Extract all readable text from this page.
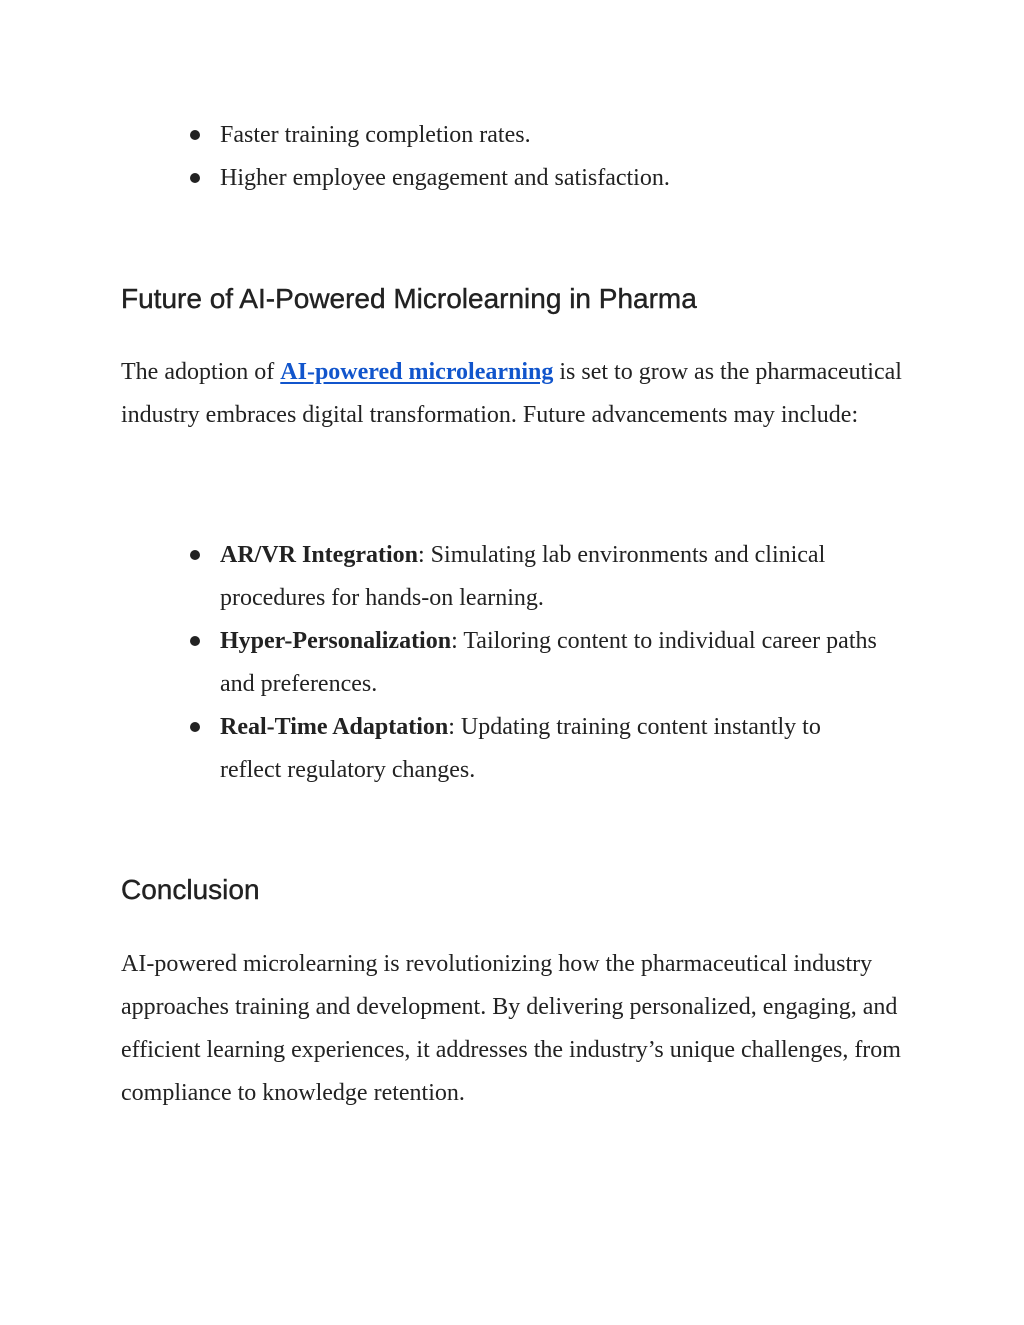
Faster training completion rates.
Higher employee engagement and satisfaction.
Future of AI-Powered Microlearning in Pharma

The adoption of AI-powered microlearning is set to grow as the pharmaceutical industry embraces digital transformation. Future advancements may include:

AR/VR Integration: Simulating lab environments and clinical procedures for hands-on learning.
Hyper-Personalization: Tailoring content to individual career paths and preferences.
Real-Time Adaptation: Updating training content instantly to reflect regulatory changes.
Conclusion

AI-powered microlearning is revolutionizing how the pharmaceutical industry approaches training and development. By delivering personalized, engaging, and efficient learning experiences, it addresses the industry’s unique challenges, from compliance to knowledge retention.
